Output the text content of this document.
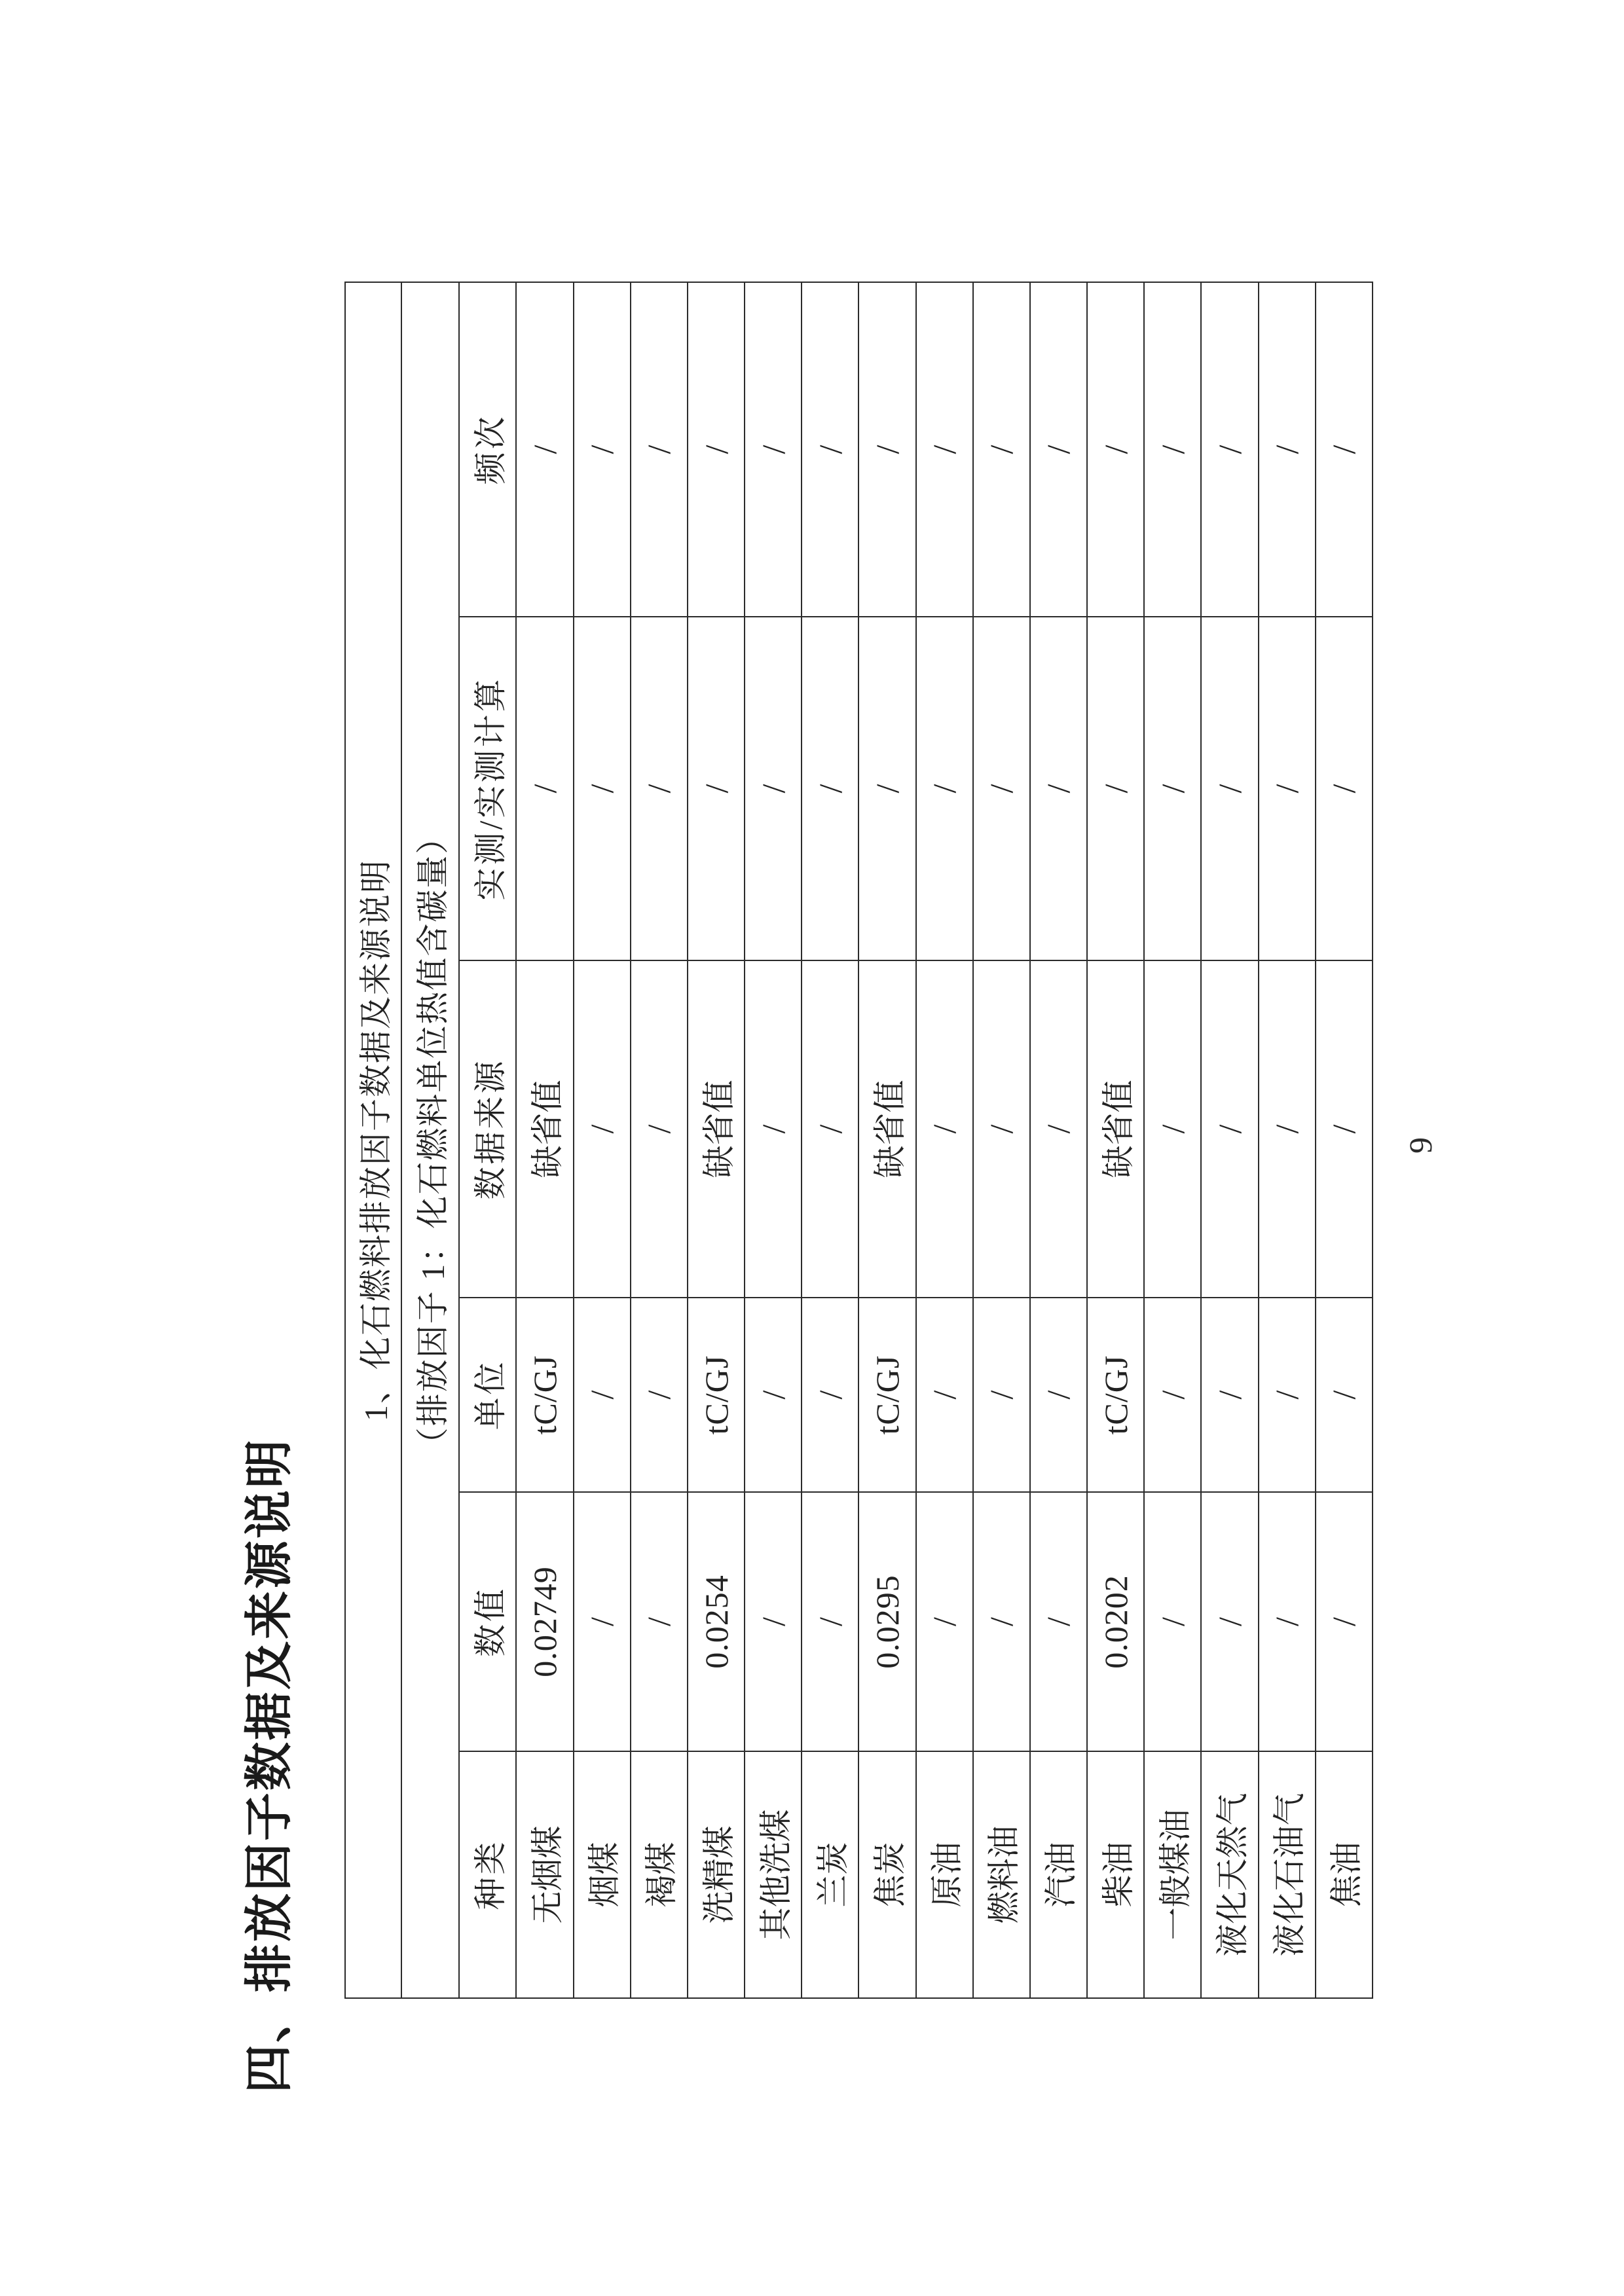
四、排放因子数据及来源说明
1、化石燃料排放因子数据及来源说明					
（排放因子 1：化石燃料单位热值含碳量）					
种类	数值	单位	数据来源	实测/实测计算	频次
无烟煤	0.02749	tC/GJ	缺省值	/	/
烟煤	/	/	/	/	/
褐煤	/	/	/	/	/
洗精煤	0.0254	tC/GJ	缺省值	/	/
其他洗煤	/	/	/	/	/
兰炭	/	/	/	/	/
焦炭	0.0295	tC/GJ	缺省值	/	/
原油	/	/	/	/	/
燃料油	/	/	/	/	/
汽油	/	/	/	/	/
柴油	0.0202	tC/GJ	缺省值	/	/
一般煤油	/	/	/	/	/
液化天然气	/	/	/	/	/
液化石油气	/	/	/	/	/
焦油	/	/	/	/	/
9
